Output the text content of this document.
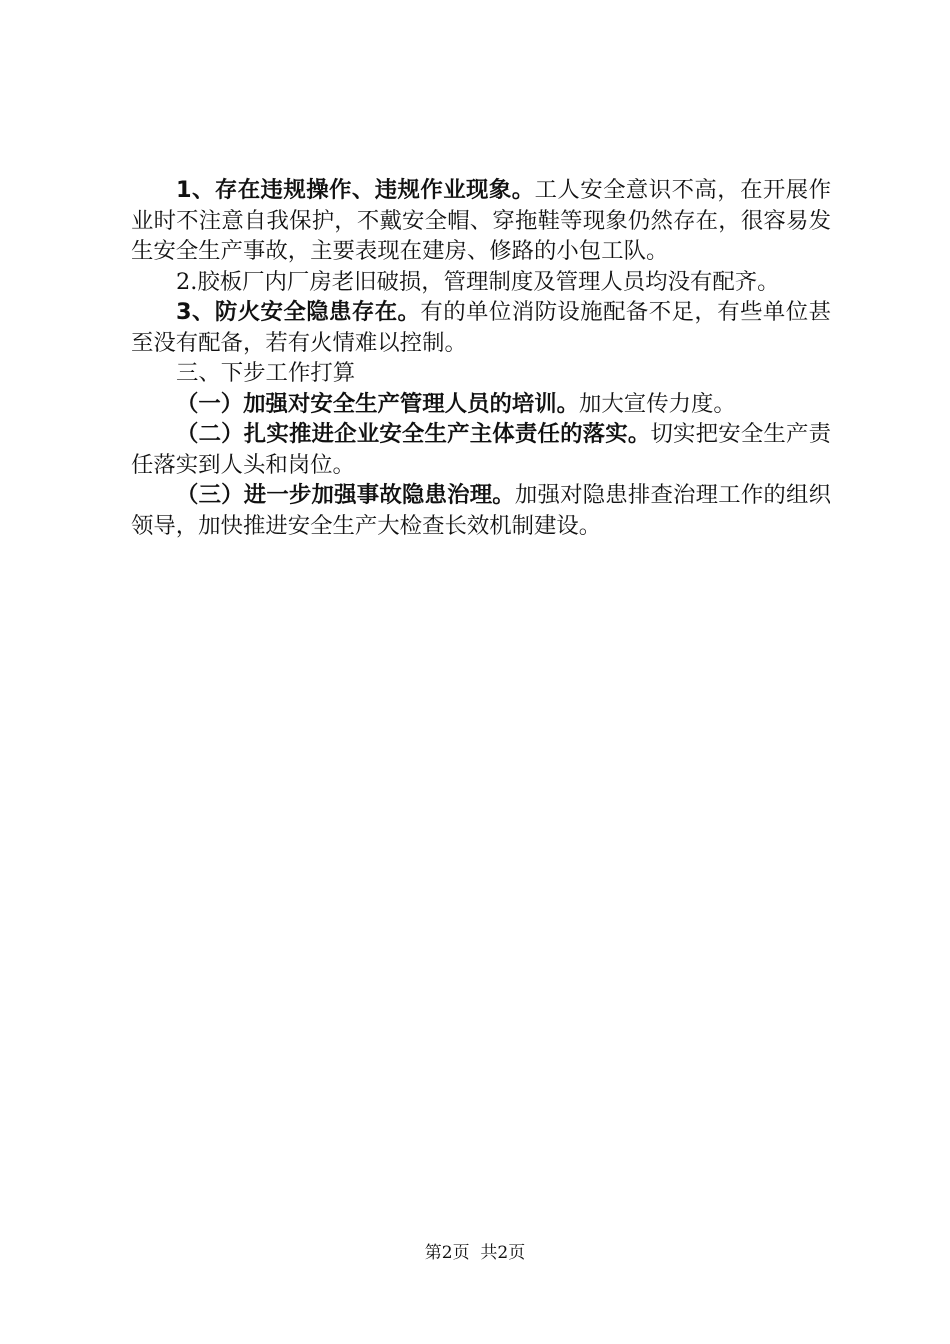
1、存在违规操作、违规作业现象。工人安全意识不高，在开展作业时不注意自我保护，不戴安全帽、穿拖鞋等现象仍然存在，很容易发生安全生产事故，主要表现在建房、修路的小包工队。

2.胶板厂内厂房老旧破损，管理制度及管理人员均没有配齐。

3、防火安全隐患存在。有的单位消防设施配备不足，有些单位甚至没有配备，若有火情难以控制。

三、下步工作打算

（一）加强对安全生产管理人员的培训。加大宣传力度。

（二）扎实推进企业安全生产主体责任的落实。切实把安全生产责任落实到人头和岗位。

（三）进一步加强事故隐患治理。加强对隐患排查治理工作的组织领导，加快推进安全生产大检查长效机制建设。

第2页 共2页
